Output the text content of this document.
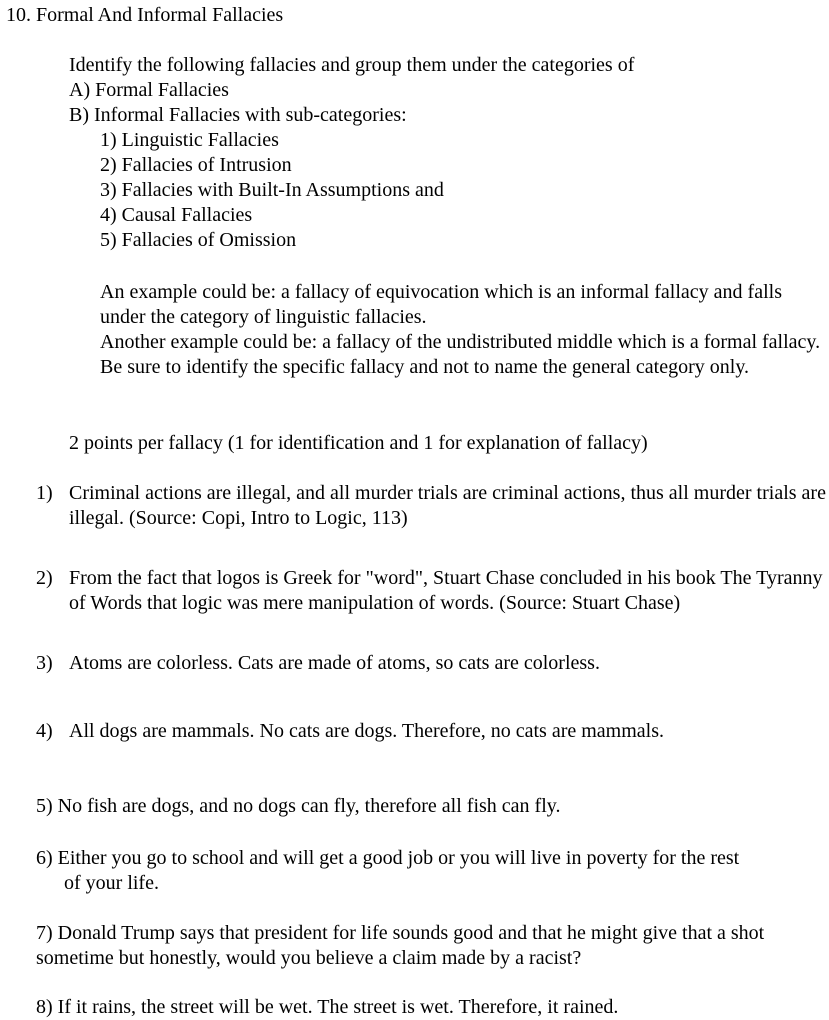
10. Formal And Informal Fallacies
Identify the following fallacies and group them under the categories of
A) Formal Fallacies
B) Informal Fallacies with sub-categories:
1) Linguistic Fallacies
2) Fallacies of Intrusion
3) Fallacies with Built-In Assumptions and
4) Causal Fallacies
5) Fallacies of Omission

An example could be: a fallacy of equivocation which is an informal fallacy and falls under the category of linguistic fallacies.

Another example could be: a fallacy of the undistributed middle which is a formal fallacy. Be sure to identify the specific fallacy and not to name the general category only.

2 points per fallacy (1 for identification and 1 for explanation of fallacy)
1) Criminal actions are illegal, and all murder trials are criminal actions, thus all murder trials are illegal. (Source: Copi, Intro to Logic, 113)
2) From the fact that logos is Greek for "word", Stuart Chase concluded in his book The Tyranny of Words that logic was mere manipulation of words. (Source: Stuart Chase)
3) Atoms are colorless. Cats are made of atoms, so cats are colorless.
4) All dogs are mammals. No cats are dogs. Therefore, no cats are mammals.
5) No fish are dogs, and no dogs can fly, therefore all fish can fly.
6) Either you go to school and will get a good job or you will live in poverty for the rest
of your life.
7) Donald Trump says that president for life sounds good and that he might give that a shot sometime but honestly, would you believe a claim made by a racist?
8) If it rains, the street will be wet. The street is wet. Therefore, it rained.
